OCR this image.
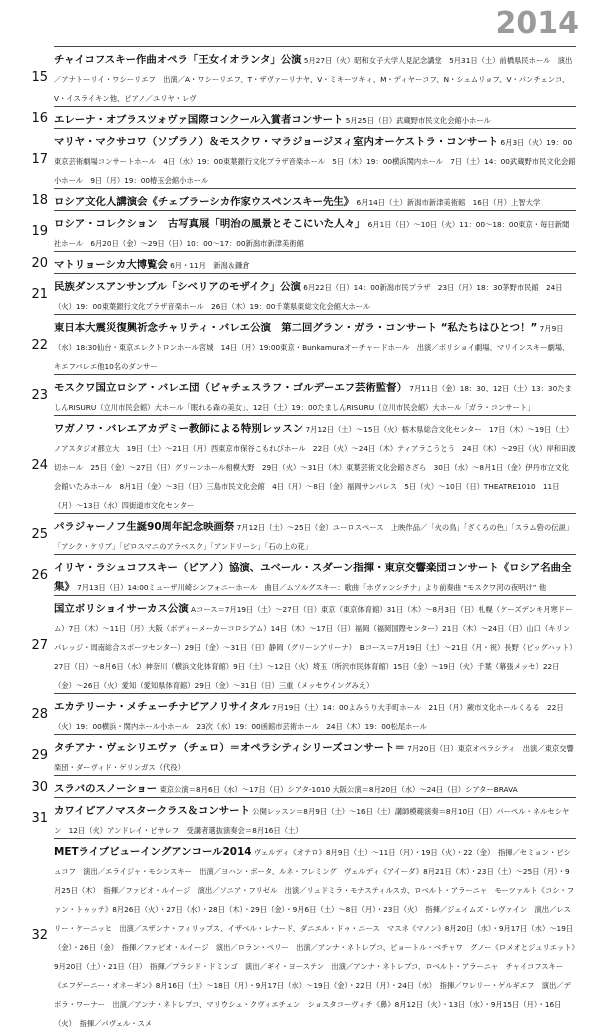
2014
15
チャイコフスキー作曲オペラ「王女イオランタ」公演 5月27日（火）昭和女子大学人見記念講堂　5月31日（土）前橋県民ホール　演出／アナトーリイ・ワシーリエフ　出演／A・ワシーリエフ、T・ザヴァーリナヤ、V・ミキーツキィ、M・ディヤーコフ、N・シェムリョフ、V・パンチェンコ、V・イスライキン他、ピアノ／ユリヤ・レヴ
16 エレーナ・オブラスツォヴァ国際コンクール入賞者コンサート 5月25日（日）武蔵野市民文化会館小ホール
17
マリヤ・マクサコワ（ソプラノ）＆モスクワ・マラジョージヌィ室内オーケストラ・コンサート 6月3日（火）19：00東京芸術劇場コンサートホール　4日（水）19：00東葉銀行文化プラザ音楽ホール　5日（木）19：00横浜関内ホール　7日（土）14：00武蔵野市民文化会館小ホール　9日（月）19：00椿玉会館小ホール
18 ロシア文化人講演会《チェブラーシカ作家ウスペンスキー先生》 6月14日（土）新潟市新津美術館　16日（月）上智大学
19 ロシア・コレクション　古写真展「明治の風景とそこにいた人々」 6月1日（日）〜10日（火）11：00〜18：00東京・毎日新聞社ホール　6月20日（金）〜29日（日）10：00〜17：00新潟市新津美術館
20 マトリョーシカ大博覧会 6月・11月　新潟＆鎌倉
21 民族ダンスアンサンブル「シベリアのモザイク」公演 6月22日（日）14：00新潟市民プラザ　23日（月）18：30茅野市民館　24日（火）19：00東葉銀行文化プラザ音楽ホール　26日（木）19：00千葉県東総文化会館大ホール
22
東日本大震災復興祈念チャリティ・バレエ公演　第二回グラン・ガラ・コンサート “私たちはひとつ！” 7月9日（水）18:30仙台・東京エレクトロンホール宮城　14日（月）19:00東京・Bunkamuraオーチャードホール　出演／ボリショイ劇場、マリインスキー劇場、キエフバレエ他10名のダンサー
23 モスクワ国立ロシア・バレエ団（ビャチェスラフ・ゴルデーエフ芸術監督） 7月11日（金）18：30、12日（土）13：30たましんRISURU（立川市民会館）大ホール「眠れる森の美女」、12日（土）19：00たましんRISURU（立川市民会館）大ホール「ガラ・コンサート」
24
ワガノワ・バレエアカデミー教師による特別レッスン 7月12日（土）〜15日（火）栃木県総合文化センター　17日（木）〜19日（土）ノアスタジオ都立大　19日（土）〜21日（月）西東京市保谷こもれびホール　22日（火）〜24日（木）ティアラこうとう　24日（木）〜29日（火）岸和田波切ホール　25日（金）〜27日（日）グリーンホール相模大野　29日（火）〜31日（木）東葉芸術文化会館さざら　30日（水）〜8月1日（金）伊丹市立文化会館いたみホール　8月1日（金）〜3日（日）三島市民文化会館　4日（月）〜8日（金）福岡サンパレス　5日（火）〜10日（日）THEATRE1010　11日（月）〜13日（水）四街道市文化センター
25 パラジャーノフ生誕90周年記念映画祭 7月12日（土）〜25日（金）ユーロスペース　上映作品／「火の鳥」「ざくろの色」「スラム砦の伝説」「アシク・ケリブ」「ピロスマニのアラベスク」「アンドリーシ」「石の上の花」
26 イリヤ・ラシュコフスキー（ピアノ）協演、ユベール・スダーン指揮・東京交響楽団コンサート《ロシア名曲全集》 7月13日（日）14:00ミューザ川崎シンフォニーホール　曲目／ムソルグスキー：歌曲「ホヴァンシチナ」より前奏曲 “モスクワ河の夜明け” 他
27
国立ボリショイサーカス公演 Aコース＝7月19日（土）〜27日（日）東京（東京体育館）31日（木）〜8月3日（日）札幌（ケーズデンキ月寒ドーム）7日（木）〜11日（月）大阪（ボディーメーカーコロシアム）14日（木）〜17日（日）福岡（福岡国際センター）21日（木）〜24日（日）山口（キリンパレッジ・周南総合スポーツセンター）29日（金）〜31日（日）静岡（グリーンアリーナ）　Bコース＝7月19日（土）〜21日（月・祝）長野（ビッグハット）27日（日）〜8月6日（水）神奈川（横浜文化体育館）9日（土）〜12日（火）埼玉（所沢市民体育館）15日（金）〜19日（火）千葉（幕張メッセ）22日（金）〜26日（火）愛知（愛知県体育館）29日（金）〜31日（日）三重（メッセウイングみえ）
28 エカテリーナ・メチェーチナピアノリサイタル 7月19日（土）14：00よみうり大手町ホール　21日（月）蕨市文化ホールくるる　22日（火）19：00横浜・関内ホール小ホール　23次（水）19：00函館市芸術ホール　24日（木）19：00松尾ホール
29 タチアナ・ヴェシリエヴァ（チェロ）＝オペラシティシリーズコンサート＝ 7月20日（日）東京オペラシティ　出演／東京交響楽団・ダーヴィド・ゲリンガス（代役）
30 スラバのスノーショー 東京公演＝8月6日（水）〜17日（日）シアタ-1010 大阪公演＝8月20日（水）〜24日（日）シアターBRAVA
31 カワイピアノマスタークラス＆コンサート 公開レッスン＝8月9日（土）〜16日（土）講師模範演奏＝8月10日（日）パーペル・ネルセシヤン　12日（火）アンドレイ・ピサレフ　受講者選抜演奏会＝8月16日（土）
32
METライブビューイングアンコール2014 ヴェルディ《オテロ》8月9日（土）〜11日（月）・19日（火）・22（金）　指揮／セミョン・ビシュコフ　演出／エライジャ・モシンスキー　出演／ヨハン・ボータ、ルネ・フレミング　ヴェルディ《アイーダ》8月21日（木）・23日（土）〜25日（月）・9月25日（木）　指揮／ファビオ・ルイージ　演出／ソニア・フリゼル　出演／リュドミラ・モナスティルスカ、ロベルト・アラーニャ　モーツァルト《コシ・ファン・トゥッテ》8月26日（火）・27日（水）・28日（木）・29日（金）・9月6日（土）〜8日（月）・23日（火）　指揮／ジェイムズ・レヴァイン　演出／レスリー・ケーニッヒ　出演／スザンナ・フィリップス、イザベル・レナード、ダニエル・ドゥ・ニース　マスネ《マノン》8月20日（水）・9月17日（水）〜19日（金）・26日（金）　指揮／ファビオ・ルイージ　演出／ロラン・ペリー　出演／アンナ・ネトレプコ、ピョートル・ベチャワ　グノー《ロメオとジュリエット》9月20日（土）・21日（日）　指揮／プラシド・ドミンゴ　演出／ギイ・ヨーステン　出演／アンナ・ネトレプコ、ロベルト・アラーニャ　チャイコフスキー《エフゲーニー・オネーギン》8月16日（土）〜18日（月）・9月17日（水）〜19日（金）・22日（月）・24日（水）　指揮／ワレリー・ゲルギエフ　演出／デボラ・ワーナー　出演／アンナ・ネトレプコ、マリウシュ・クヴィエチェン　ショスタコーヴィチ《鼻》8月12日（火）・13日（水）・9月15日（月）・16日（火）　指揮／パヴェル・スメ
